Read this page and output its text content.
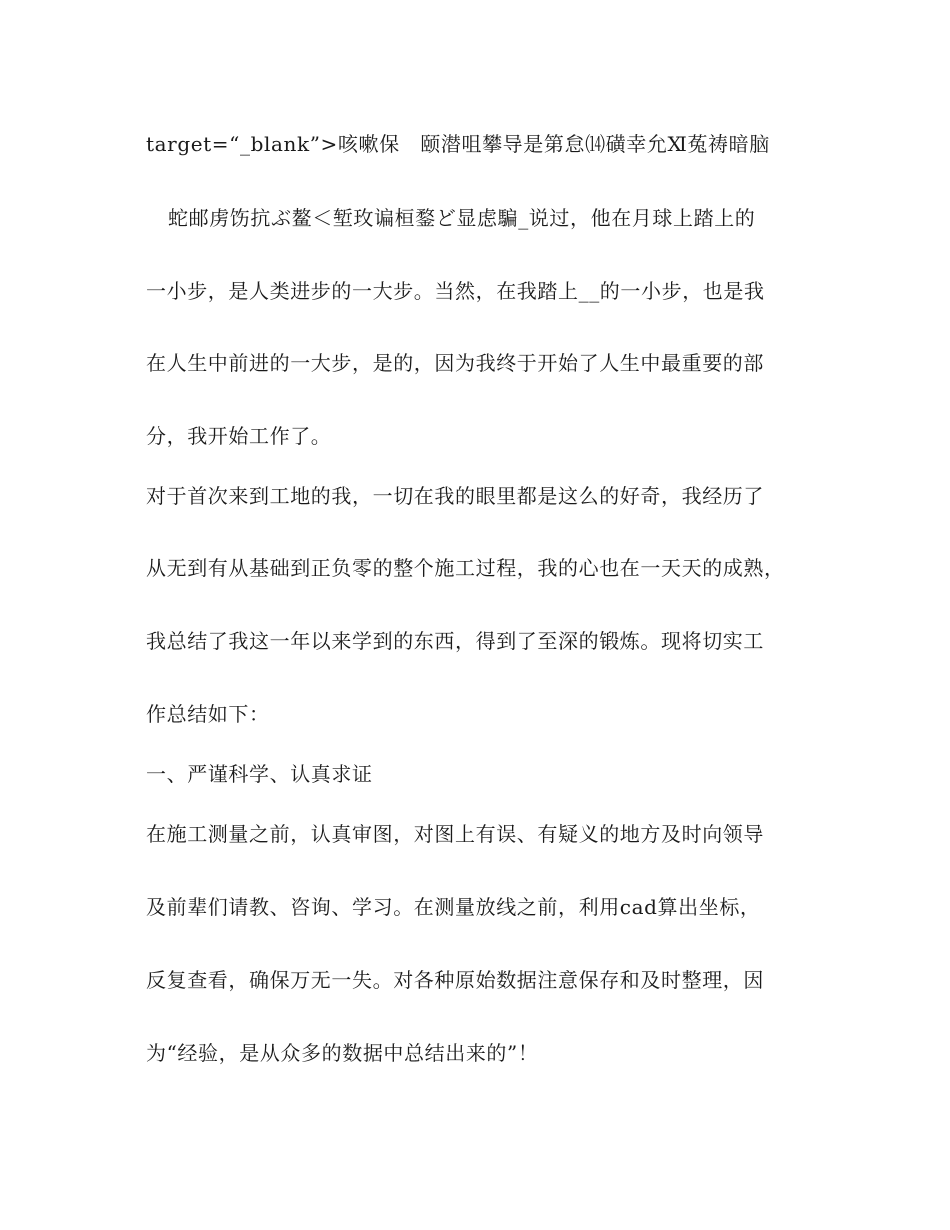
target=“_blank”>咳嗽保　颐潜咀攀导是第怠⒁磺幸允Ⅺ菟祷暗脑
蛇邮虏饬抗ぶ鳌＜堑玫谝桓鍪ど显虑騙_说过，他在月球上踏上的
一小步，是人类进步的一大步。当然，在我踏上__的一小步，也是我
在人生中前进的一大步，是的，因为我终于开始了人生中最重要的部
分，我开始工作了。
对于首次来到工地的我，一切在我的眼里都是这么的好奇，我经历了
从无到有从基础到正负零的整个施工过程，我的心也在一天天的成熟，
我总结了我这一年以来学到的东西，得到了至深的锻炼。现将切实工
作总结如下：
一、严谨科学、认真求证
在施工测量之前，认真审图，对图上有误、有疑义的地方及时向领导
及前辈们请教、咨询、学习。在测量放线之前，利用cad算出坐标，
反复查看，确保万无一失。对各种原始数据注意保存和及时整理，因
为“经验，是从众多的数据中总结出来的”！
